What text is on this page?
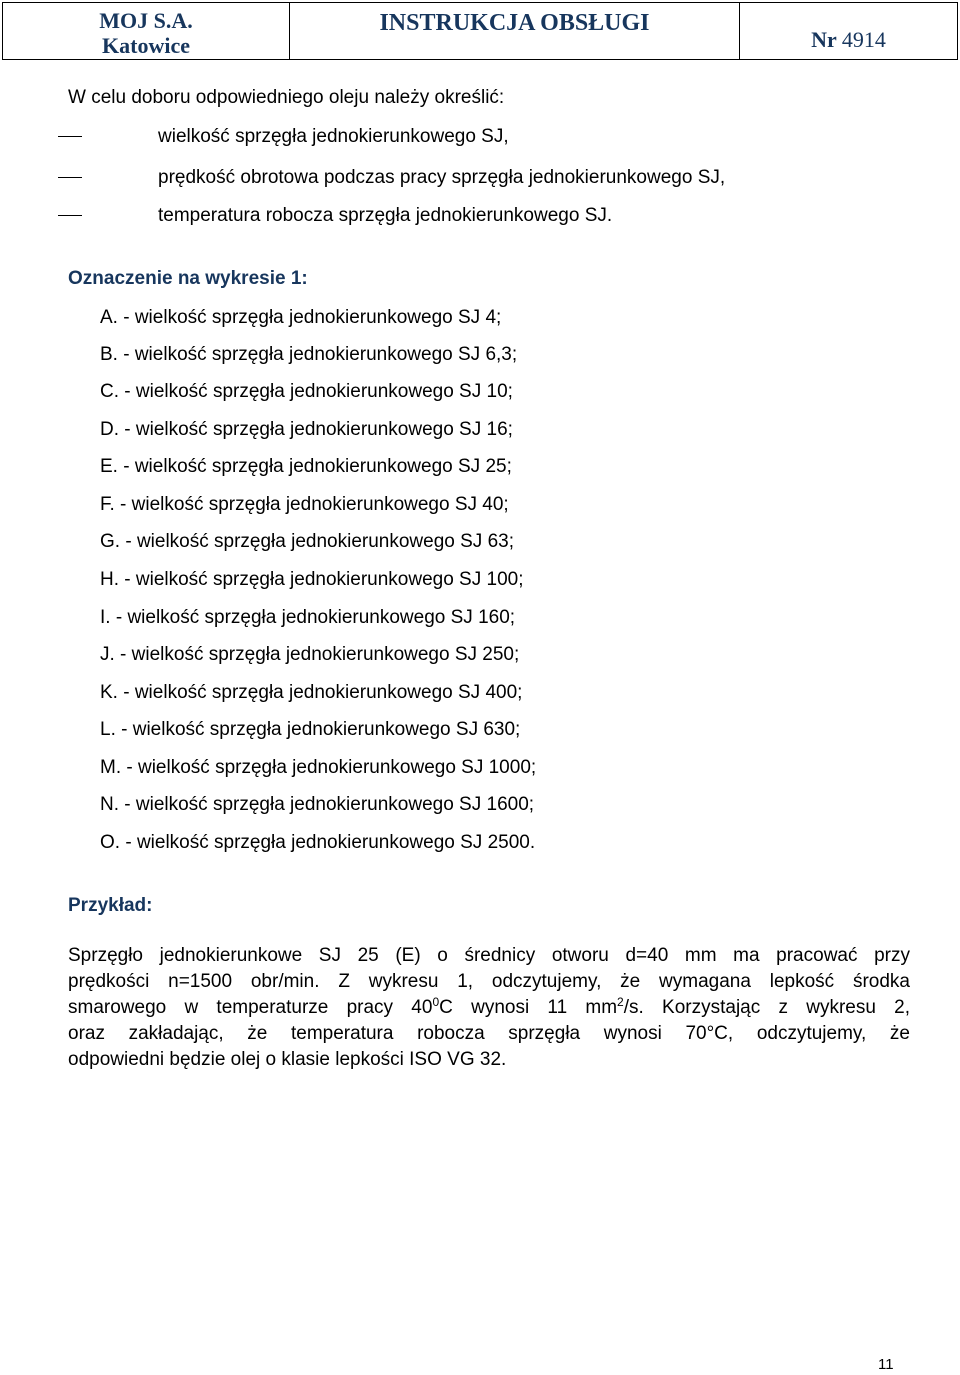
MOJ S.A.
Katowice
INSTRUKCJA OBSŁUGI
Nr 4914
W celu doboru odpowiedniego oleju należy określić:
wielkość sprzęgła jednokierunkowego SJ,
prędkość obrotowa podczas pracy sprzęgła jednokierunkowego SJ,
temperatura robocza sprzęgła jednokierunkowego SJ.
Oznaczenie na wykresie 1:
A. - wielkość sprzęgła jednokierunkowego SJ 4;
B. - wielkość sprzęgła jednokierunkowego SJ 6,3;
C. - wielkość sprzęgła jednokierunkowego SJ 10;
D. - wielkość sprzęgła jednokierunkowego SJ 16;
E. - wielkość sprzęgła jednokierunkowego SJ 25;
F. - wielkość sprzęgła jednokierunkowego SJ 40;
G. - wielkość sprzęgła jednokierunkowego SJ 63;
H. - wielkość sprzęgła jednokierunkowego SJ 100;
I. - wielkość sprzęgła jednokierunkowego SJ 160;
J. - wielkość sprzęgła jednokierunkowego SJ 250;
K. - wielkość sprzęgła jednokierunkowego SJ 400;
L. - wielkość sprzęgła jednokierunkowego SJ 630;
M. - wielkość sprzęgła jednokierunkowego SJ 1000;
N. - wielkość sprzęgła jednokierunkowego SJ 1600;
O. - wielkość sprzęgła jednokierunkowego SJ 2500.
Przykład:
Sprzęgło jednokierunkowe SJ 25 (E) o średnicy otworu d=40 mm ma pracować przy
prędkości n=1500 obr/min. Z wykresu 1, odczytujemy, że wymagana lepkość środka
smarowego w temperaturze pracy $40^0C$ wynosi 11 $mm^2/s$. Korzystając z wykresu 2,
oraz zakładając, że temperatura robocza sprzęgła wynosi 70°C, odczytujemy, że
odpowiedni będzie olej o klasie lepkości ISO VG 32.
11
